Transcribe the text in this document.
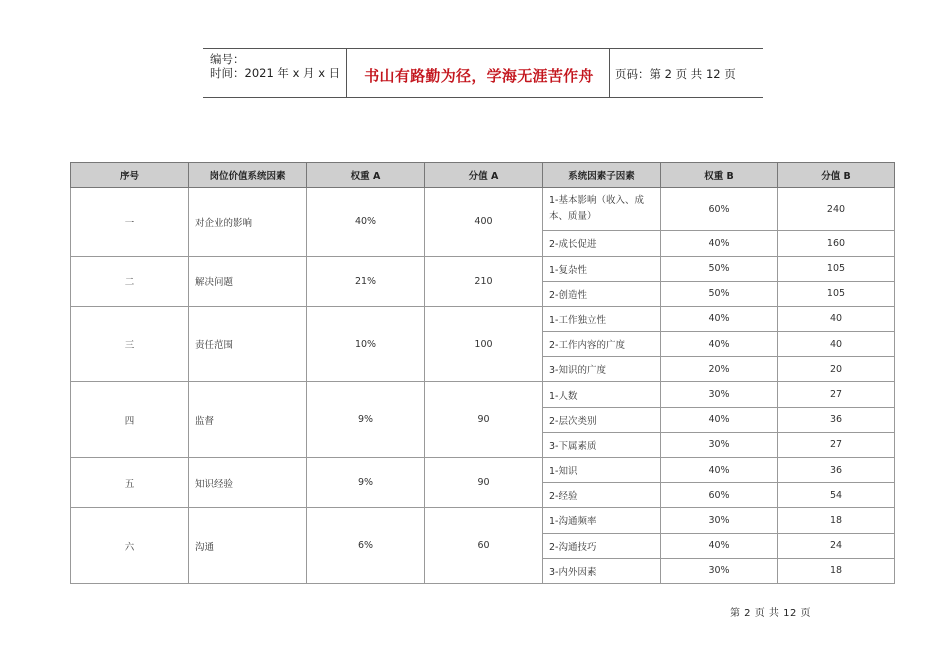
编号：
时间：2021 年 x 月 x 日	书山有路勤为径，学海无涯苦作舟	页码：第 2 页 共 12 页
序号	岗位价值系统因素	权重 A	分值 A	系统因素子因素	权重 B	分值 B
一	对企业的影响	40%	400	1-基本影响（收入、成本、质量）	60%	240
				2-成长促进	40%	160
二	解决问题	21%	210	1-复杂性	50%	105
				2-创造性	50%	105
三	责任范围	10%	100	1-工作独立性	40%	40
				2-工作内容的广度	40%	40
				3-知识的广度	20%	20
四	监督	9%	90	1-人数	30%	27
				2-层次类别	40%	36
				3-下属素质	30%	27
五	知识经验	9%	90	1-知识	40%	36
				2-经验	60%	54
六	沟通	6%	60	1-沟通频率	30%	18
				2-沟通技巧	40%	24
				3-内外因素	30%	18
第 2 页 共 12 页
